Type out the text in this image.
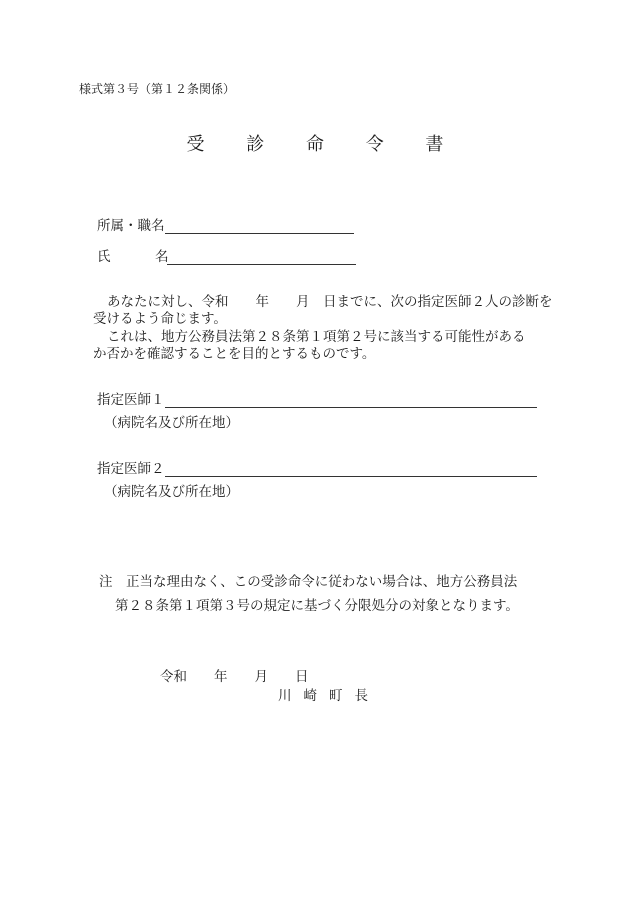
様式第３号（第１２条関係）
受 診 命 令 書
所属・職名
氏	名
あなたに対し、令和　　年　　月　日までに、次の指定医師２人の診断を
受けるよう命じます。
これは、地方公務員法第２８条第１項第２号に該当する可能性がある
か否かを確認することを目的とするものです。
指定医師１
（病院名及び所在地）
指定医師２
（病院名及び所在地）
注　正当な理由なく、この受診命令に従わない場合は、地方公務員法
第２８条第１項第３号の規定に基づく分限処分の対象となります。
令和　　年　　月　　日
川崎町長
